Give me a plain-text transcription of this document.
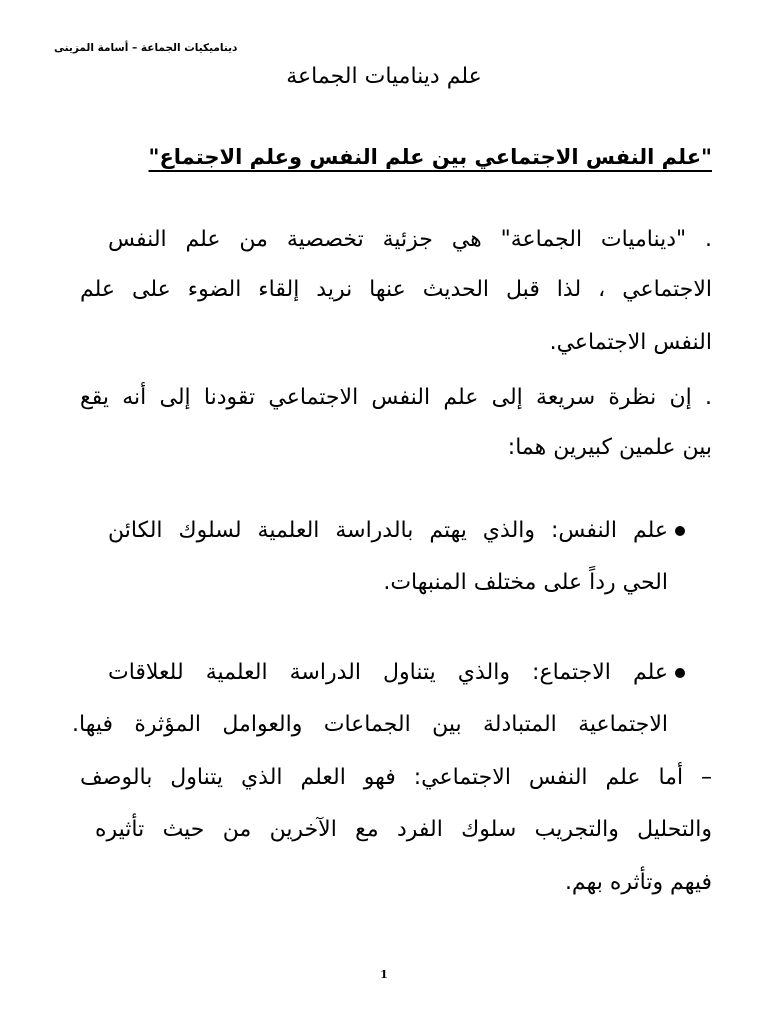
ديناميكيات الجماعة – أسامة المزينى
علم ديناميات الجماعة
"علم النفس الاجتماعي بين علم النفس وعلم الاجتماع"
. "ديناميات الجماعة" هي جزئية تخصصية من علم النفس
الاجتماعي ، لذا قبل الحديث عنها نريد إلقاء الضوء على علم
النفس الاجتماعي.
. إن نظرة سريعة إلى علم النفس الاجتماعي تقودنا إلى أنه يقع
بين علمين كبيرين هما:
علم النفس: والذي يهتم بالدراسة العلمية لسلوك الكائن
الحي رداً على مختلف المنبهات.
علم الاجتماع: والذي يتناول الدراسة العلمية للعلاقات
الاجتماعية المتبادلة بين الجماعات والعوامل المؤثرة فيها.
– أما علم النفس الاجتماعي: فهو العلم الذي يتناول بالوصف
والتحليل والتجريب سلوك الفرد مع الآخرين من حيث تأثيره
فيهم وتأثره بهم.
1
